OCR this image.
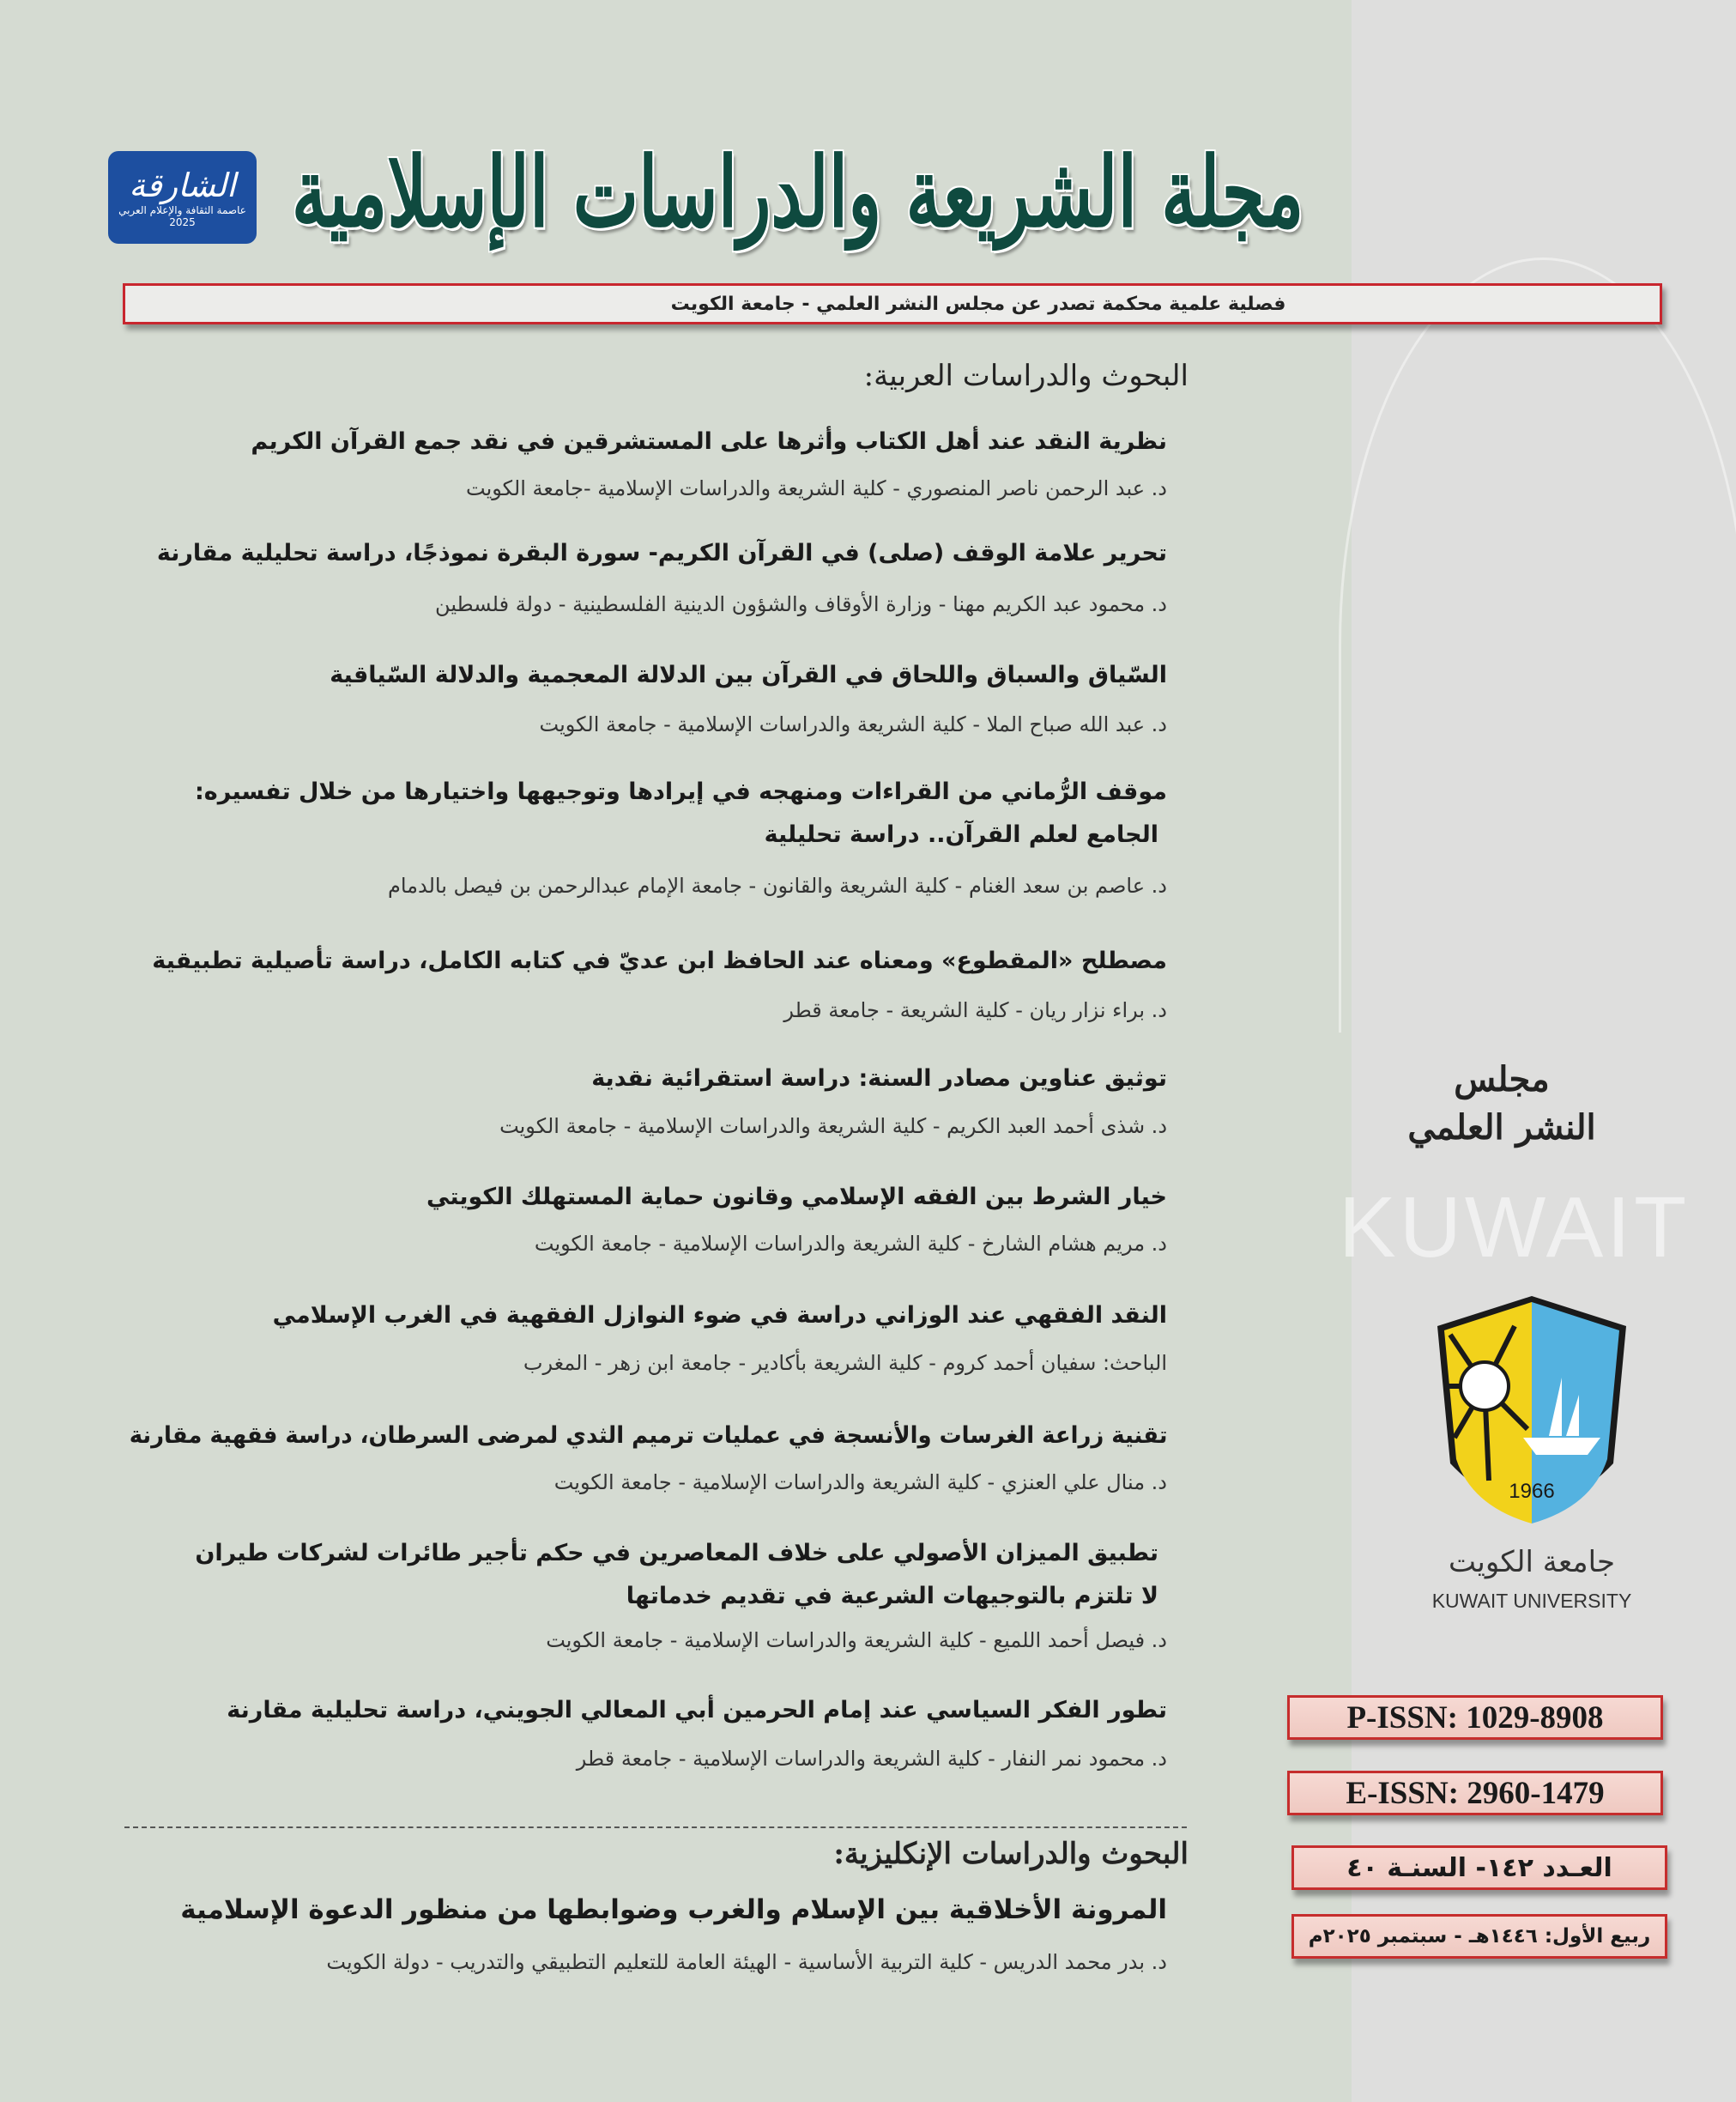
KUWAIT
الشارقة
عاصمة الثقافة والإعلام العربي
2025 مجلة الشريعة والدراسات الإسلامية
فصلية علمية محكمة تصدر عن مجلس النشر العلمي - جامعة الكويت
البحوث والدراسات العربية:
نظرية النقد عند أهل الكتاب وأثرها على المستشرقين في نقد جمع القرآن الكريم
د. عبد الرحمن ناصر المنصوري - كلية الشريعة والدراسات الإسلامية -جامعة الكويت
تحرير علامة الوقف (صلى) في القرآن الكريم- سورة البقرة نموذجًا، دراسة تحليلية مقارنة
د. محمود عبد الكريم مهنا - وزارة الأوقاف والشؤون الدينية الفلسطينية - دولة فلسطين
السّياق والسباق واللحاق في القرآن بين الدلالة المعجمية والدلالة السّياقية
د. عبد الله صباح الملا - كلية الشريعة والدراسات الإسلامية - جامعة الكويت
موقف الرُّماني من القراءات ومنهجه في إيرادها وتوجيهها واختيارها من خلال تفسيره:
الجامع لعلم القرآن.. دراسة تحليلية
د. عاصم بن سعد الغنام - كلية الشريعة والقانون - جامعة الإمام عبدالرحمن بن فيصل بالدمام
مصطلح «المقطوع» ومعناه عند الحافظ ابن عديّ في كتابه الكامل، دراسة تأصيلية تطبيقية
د. براء نزار ريان - كلية الشريعة - جامعة قطر
توثيق عناوين مصادر السنة: دراسة استقرائية نقدية
د. شذى أحمد العبد الكريم - كلية الشريعة والدراسات الإسلامية - جامعة الكويت
خيار الشرط بين الفقه الإسلامي وقانون حماية المستهلك الكويتي
د. مريم هشام الشارخ - كلية الشريعة والدراسات الإسلامية - جامعة الكويت
النقد الفقهي عند الوزاني دراسة في ضوء النوازل الفقهية في الغرب الإسلامي
الباحث: سفيان أحمد كروم - كلية الشريعة بأكادير - جامعة ابن زهر - المغرب
تقنية زراعة الغرسات والأنسجة في عمليات ترميم الثدي لمرضى السرطان، دراسة فقهية مقارنة
د. منال علي العنزي - كلية الشريعة والدراسات الإسلامية - جامعة الكويت
تطبيق الميزان الأصولي على خلاف المعاصرين في حكم تأجير طائرات لشركات طيران
لا تلتزم بالتوجيهات الشرعية في تقديم خدماتها
د. فيصل أحمد اللميع - كلية الشريعة والدراسات الإسلامية - جامعة الكويت
تطور الفكر السياسي عند إمام الحرمين أبي المعالي الجويني، دراسة تحليلية مقارنة
د. محمود نمر النفار - كلية الشريعة والدراسات الإسلامية - جامعة قطر
البحوث والدراسات الإنكليزية:
المرونة الأخلاقية بين الإسلام والغرب وضوابطها من منظور الدعوة الإسلامية
د. بدر محمد الدريس - كلية التربية الأساسية - الهيئة العامة للتعليم التطبيقي والتدريب - دولة الكويت
مجلس
النشر العلمي
1966
جامعة الكويت
KUWAIT UNIVERSITY
P-ISSN: 1029-8908
E-ISSN: 2960-1479
العـدد ١٤٢- السنـة ٤٠
ربيع الأول: ١٤٤٦هـ - سبتمبر ٢٠٢٥م
